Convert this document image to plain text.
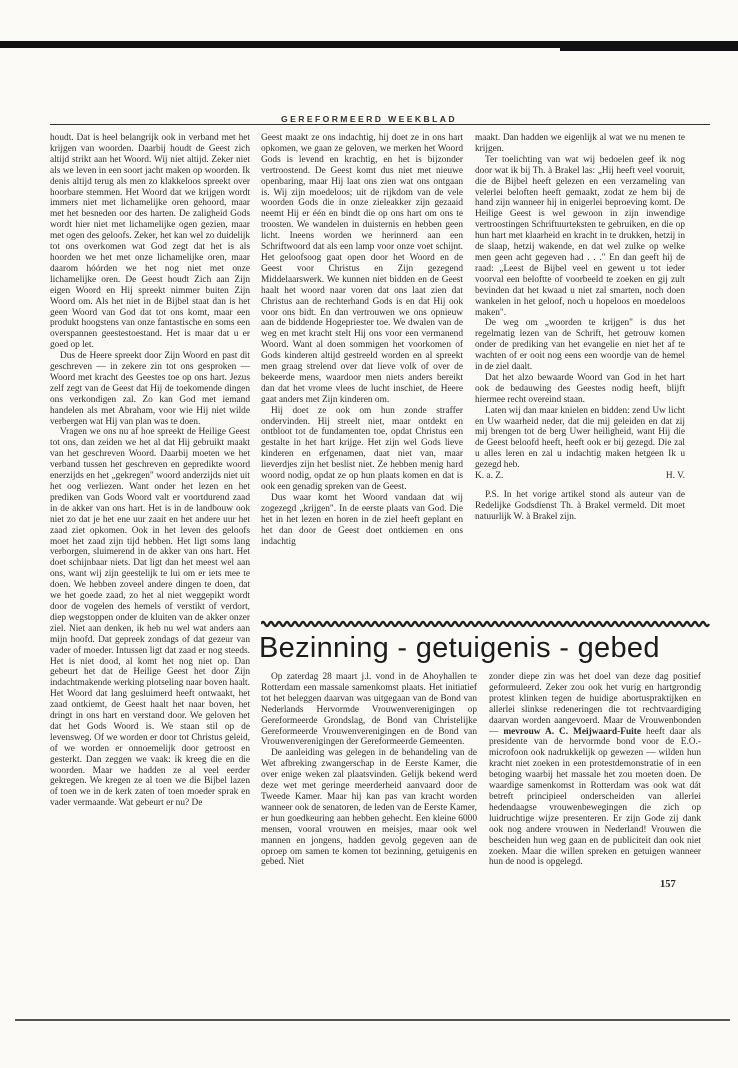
GEREFORMEERD WEEKBLAD

houdt. Dat is heel belangrijk ook in verband met het krijgen van woorden. Daarbij houdt de Geest zich altijd strikt aan het Woord. Wij niet altijd. Zeker niet als we leven in een soort jacht maken op woorden. Ik denis altijd terug als men zo klakkeloos spreekt over hoorbare stemmen. Het Woord dat we krijgen wordt immers niet met lichamelijke oren gehoord, maar met het besneden oor des harten. De zaligheid Gods wordt hier niet met lichamelijke ogen gezien, maar met ogen des geloofs. Zeker, het kan wel zo duidelijk tot ons overkomen wat God zegt dat het is als hoorden we het met onze lichamelijke oren, maar daarom hóórden we het nog niet met onze lichamelijke oren. De Geest houdt Zich aan Zijn eigen Woord en Hij spreekt nimmer buiten Zijn Woord om. Als het niet in de Bijbel staat dan is het geen Woord van God dat tot ons komt, maar een produkt hoogstens van onze fantastische en soms een overspannen geestestoestand. Het is maar dat u er goed op let.

Dus de Heere spreekt door Zijn Woord en past dit geschreven — in zekere zin tot ons gesproken — Woord met kracht des Geestes toe op ons hart. Jezus zelf zegt van de Geest dat Hij de toekomende dingen ons verkondigen zal. Zo kan God met iemand handelen als met Abraham, voor wie Hij niet wilde verbergen wat Hij van plan was te doen.

Vragen we ons nu af hoe spreekt de Heilige Geest tot ons, dan zeiden we het al dat Hij gebruikt maakt van het geschreven Woord. Daarbij moeten we het verband tussen het geschreven en gepredikte woord enerzijds en het „gekregen" woord anderzijds niet uit het oog verliezen. Want onder het lezen en het prediken van Gods Woord valt er voortdurend zaad in de akker van ons hart. Het is in de landbouw ook niet zo dat je het ene uur zaait en het andere uur het zaad ziet opkomen. Ook in het leven des geloofs moet het zaad zijn tijd hebben. Het ligt soms lang verborgen, sluimerend in de akker van ons hart. Het doet schijnbaar niets. Dat ligt dan het meest wel aan ons, want wij zijn geestelijk te lui om er iets mee te doen. We hebben zoveel andere dingen te doen, dat we het goede zaad, zo het al niet weggepikt wordt door de vogelen des hemels of verstikt of verdort, diep wegstoppen onder de kluiten van de akker onzer ziel. Niet aan denken, ik heb nu wel wat anders aan mijn hoofd. Dat gepreek zondags of dat gezeur van vader of moeder. Intussen ligt dat zaad er nog steeds. Het is niet dood, al komt het nog niet op. Dan gebeurt het dat de Heilige Geest het door Zijn indachtmakende werking plotseling naar boven haalt. Het Woord dat lang gesluimerd heeft ontwaakt, het zaad ontkiemt, de Geest haalt het naar boven, het dringt in ons hart en verstand door. We geloven het dat het Gods Woord is. We staan stil op de levensweg. Of we worden er door tot Christus geleid, of we worden er onnoemelijk door getroost en gesterkt. Dan zeggen we vaak: ik kreeg die en die woorden. Maar we hadden ze al veel eerder gekregen. We kregen ze al toen we die Bijbel lazen of toen we in de kerk zaten of toen moeder sprak en vader vermaande. Wat gebeurt er nu? De

Geest maakt ze ons indachtig, hij doet ze in ons hart opkomen, we gaan ze geloven, we merken het Woord Gods is levend en krachtig, en het is bijzonder vertroostend. De Geest komt dus niet met nieuwe openbaring, maar Hij laat ons zien wat ons ontgaan is. Wij zijn moedeloos; uit de rijkdom van de vele woorden Gods die in onze zieleakker zijn gezaaid neemt Hij er één en bindt die op ons hart om ons te troosten. We wandelen in duisternis en hebben geen licht. Ineens worden we herinnerd aan een Schriftwoord dat als een lamp voor onze voet schijnt. Het geloofsoog gaat open door het Woord en de Geest voor Christus en Zijn gezegend Middelaarswerk. We kunnen niet bidden en de Geest haalt het woord naar voren dat ons laat zien dat Christus aan de rechterhand Gods is en dat Hij ook voor ons bidt. En dan vertrouwen we ons opnieuw aan de biddende Hogepriester toe. We dwalen van de weg en met kracht stelt Hij ons voor een vermanend Woord. Want al doen sommigen het voorkomen of Gods kinderen altijd gestreeld worden en al spreekt men graag strelend over dat lieve volk of over de bekeerde mens, waardoor men niets anders bereikt dan dat het vrome vlees de lucht inschiet, de Heere gaat anders met Zijn kinderen om.

Hij doet ze ook om hun zonde straffer ondervinden. Hij streelt niet, maar ontdekt en ontbloot tot de fundamenten toe, opdat Christus een gestalte in het hart krijge. Het zijn wel Gods lieve kinderen en erfgenamen, daat niet van, maar lieverdjes zijn het beslist niet. Ze hebben menig hard woord nodig, opdat ze op hun plaats komen en dat is ook een genadig spreken van de Geest.

Dus waar komt het Woord vandaan dat wij zogezegd „krijgen". In de eerste plaats van God. Die het in het lezen en horen in de ziel heeft geplant en het dan door de Geest doet ontkiemen en ons indachtig

maakt. Dan hadden we eigenlijk al wat we nu menen te krijgen.

Ter toelichting van wat wij bedoelen geef ik nog door wat ik bij Th. à Brakel las: „Hij heeft veel vooruit, die de Bijbel heeft gelezen en een verzameling van velerlei beloften heeft gemaakt, zodat ze hem bij de hand zijn wanneer hij in enigerlei beproeving komt. De Heilige Geest is wel gewoon in zijn inwendige vertroostingen Schriftuurteksten te gebruiken, en die op hun hart met klaarheid en kracht in te drukken, hetzij in de slaap, hetzij wakende, en dat wel zulke op welke men geen acht gegeven had . . ." En dan geeft hij de raad: „Leest de Bijbel veel en gewent u tot ieder voorval een beloftte of voorbeeld te zoeken en gij zult bevinden dat het kwaad u niet zal smarten, noch doen wankelen in het geloof, noch u hopeloos en moedeloos maken".

De weg om „woorden te krijgen" is dus het regelmatig lezen van de Schrift, het getrouw komen onder de prediking van het evangelie en niet het af te wachten of er ooit nog eens een woordje van de hemel in de ziel daalt.

Dat het alzo bewaarde Woord van God in het hart ook de bedauwing des Geestes nodig heeft, blijft hiermee recht overeind staan.

Laten wij dan maar knielen en bidden: zend Uw licht en Uw waarheid neder, dat die mij geleiden en dat zij mij brengen tot de berg Uwer heiligheid, want Hij die de Geest beloofd heeft, heeft ook er bij gezegd. Die zal u alles leren en zal u indachtig maken hetgeen Ik u gezegd heb.

K. a. Z.	H. V.

P.S. In het vorige artikel stond als auteur van de Redelijke Godsdienst Th. à Brakel vermeld. Dit moet natuurlijk W. à Brakel zijn.

Bezinning - getuigenis - gebed

Op zaterdag 28 maart j.l. vond in de Ahoyhallen te Rotterdam een massale samenkomst plaats. Het initiatief tot het beleggen daarvan was uitgegaan van de Bond van Nederlands Hervormde Vrouwenverenigingen op Gereformeerde Grondslag, de Bond van Christelijke Gereformeerde Vrouwenverenigingen en de Bond van Vrouwenverenigingen der Gereformeerde Gemeenten.

De aanleiding was gelegen in de behandeling van de Wet afbreking zwangerschap in de Eerste Kamer, die over enige weken zal plaatsvinden. Gelijk bekend werd deze wet met geringe meerderheid aanvaard door de Tweede Kamer. Maar hij kan pas van kracht worden wanneer ook de senatoren, de leden van de Eerste Kamer, er hun goedkeuring aan hebben gehecht. Een kleine 6000 mensen, vooral vrouwen en meisjes, maar ook wel mannen en jongens, hadden gevolg gegeven aan de oproep om samen te komen tot bezinning, getuigenis en gebed. Niet

zonder diepe zin was het doel van deze dag positief geformuleerd. Zeker zou ook het vurig en hartgrondig protest klinken tegen de huidige abortuspraktijken en allerlei slinkse redeneringen die tot rechtvaardiging daarvan worden aangevoerd. Maar de Vrouwenbonden — mevrouw A. C. Meijwaard-Fuite heeft daar als presidente van de hervormde bond voor de E.O.-microfoon ook nadrukkelijk op gewezen — wilden hun kracht niet zoeken in een protestdemonstratie of in een betoging waarbij het massale het zou moeten doen. De waardige samenkomst in Rotterdam was ook wat dát betreft principieel onderscheiden van allerlei hedendaagse vrouwenbewegingen die zich op luidruchtige wijze presenteren. Er zijn Gode zij dank ook nog andere vrouwen in Nederland! Vrouwen die bescheiden hun weg gaan en de publiciteit dan ook niet zoeken. Maar die willen spreken en getuigen wanneer hun de nood is opgelegd.

157
